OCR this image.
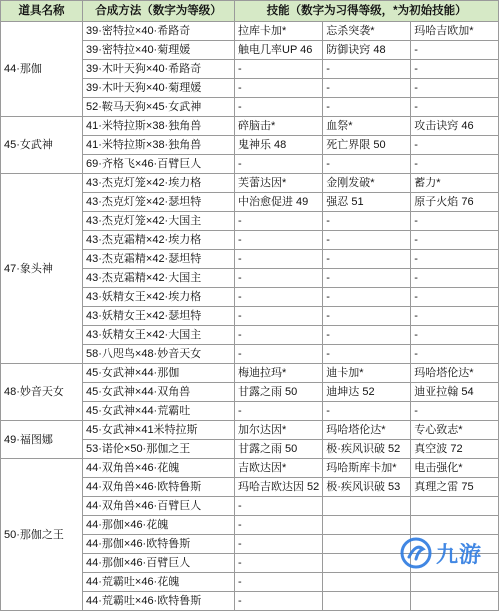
道具名称	合成方法（数字为等级）	技能（数字为习得等级，*为初始技能）		
44·那伽	39·密特拉×40·希路奇	拉库卡加*	忘杀突袭*	玛哈吉欧加*
	39·密特拉×40·菊理媛	触电几率UP 46	防御诀窍 48	-
	39·木叶天狗×40·希路奇	-	-	-
	39·木叶天狗×40·菊理媛	-	-	-
	52·鞍马天狗×45·女武神	-	-	-
45·女武神	41·米特拉斯×38·独角兽	碎脑击*	血祭*	攻击诀窍 46
	41·米特拉斯×38·独角兽	鬼神乐 48	死亡界限 50	-
	69·齐格飞×46·百臂巨人	-	-	-
47·象头神	43·杰克灯笼×42·埃力格	芙蕾达因*	金刚发破*	蓄力*
	43·杰克灯笼×42·瑟坦特	中治愈促进 49	强忍 51	原子火焰 76
	43·杰克灯笼×42·大国主	-	-	-
	43·杰克霜精×42·埃力格	-	-	-
	43·杰克霜精×42·瑟坦特	-	-	-
	43·杰克霜精×42·大国主	-	-	-
	43·妖精女王×42·埃力格	-	-	-
	43·妖精女王×42·瑟坦特	-	-	-
	43·妖精女王×42·大国主	-	-	-
	58·八咫鸟×48·妙音天女	-	-	-
48·妙音天女	45·女武神×44·那伽	梅迪拉玛*	迪卡加*	玛哈塔伦达*
	45·女武神×44·双角兽	甘露之雨 50	迪坤达 52	迪亚拉翰 54
	45·女武神×44·荒霸吐	-	-	-
49·福图娜	45·女武神×41米特拉斯	加尔达因*	玛哈塔伦达*	专心致志*
	53·诺伦×50·那伽之王	甘露之雨 50	极·疾风识破 52	真空波 72
50·那伽之王	44·双角兽×46·花魄	吉欧达因*	玛哈斯库卡加*	电击强化*
	44·双角兽×46·欧特鲁斯	玛哈吉欧达因 52	极·疾风识破 53	真理之雷 75
	44·双角兽×46·百臂巨人	-		
	44·那伽×46·花魄	-		
	44·那伽×46·欧特鲁斯	-		
	44·那伽×46·百臂巨人	-		
	44·荒霸吐×46·花魄	-		
	44·荒霸吐×46·欧特鲁斯	-		
九游
